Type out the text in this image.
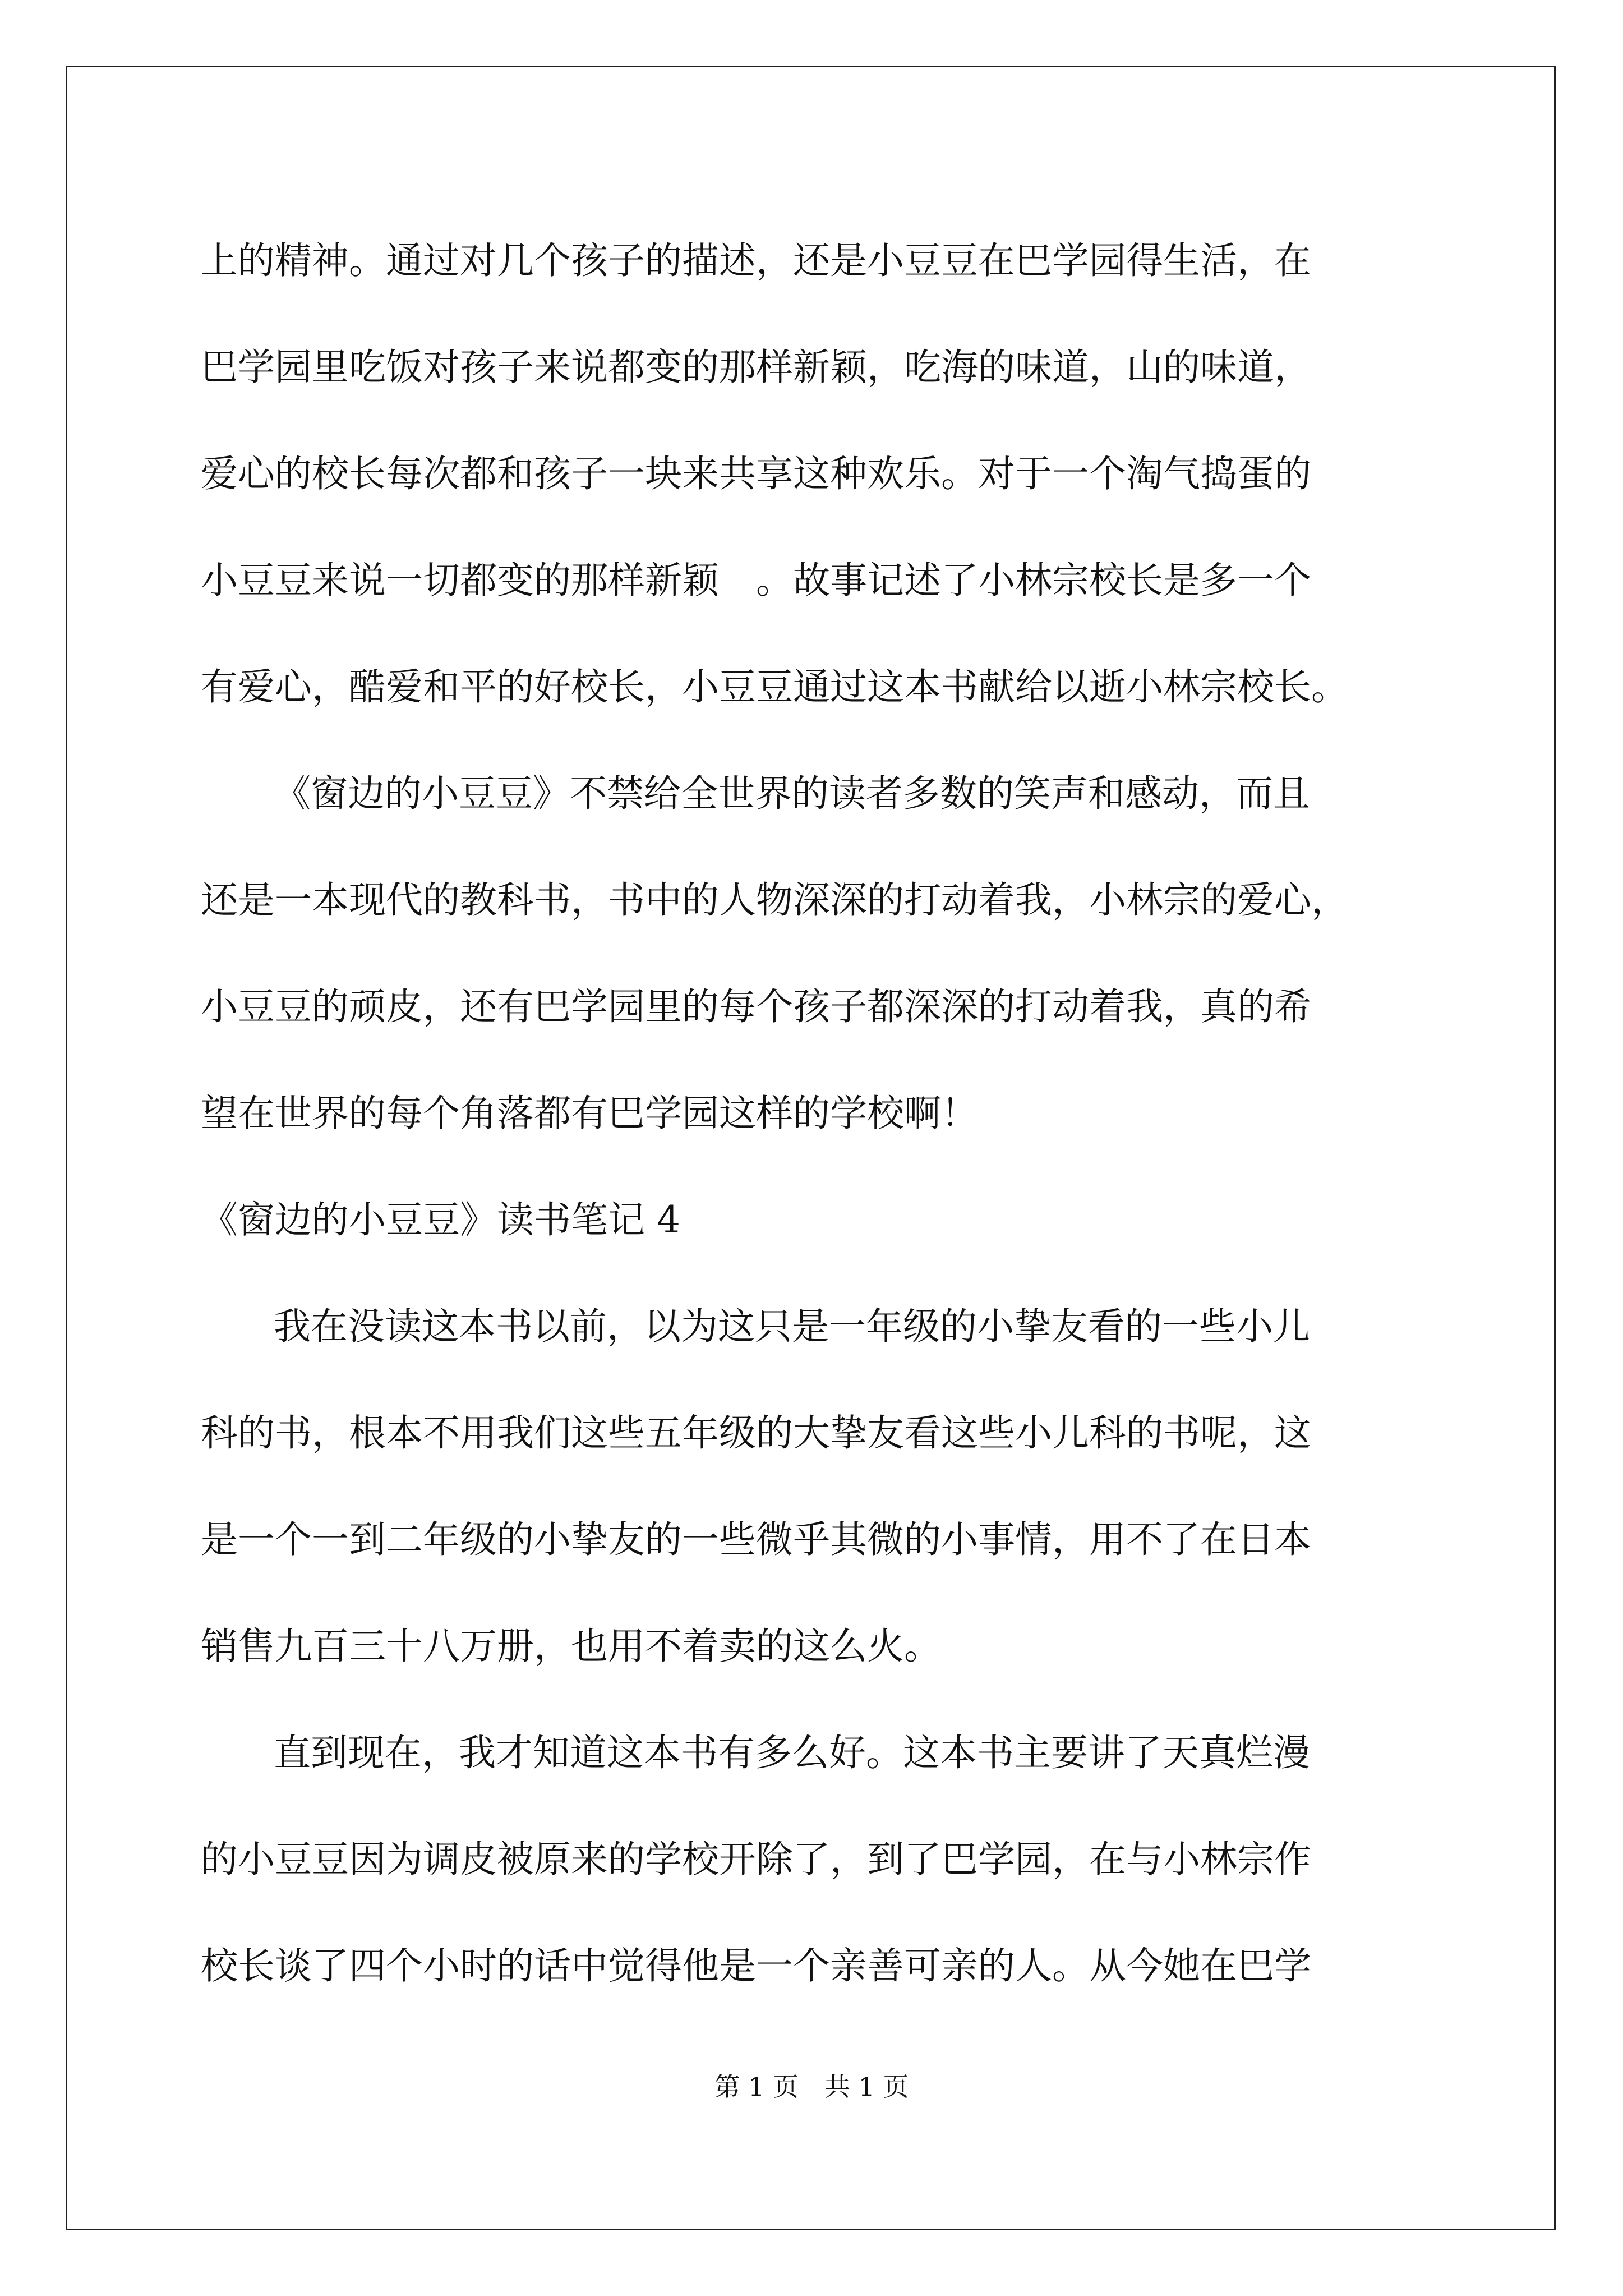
上的精神。通过对几个孩子的描述，还是小豆豆在巴学园得生活，在
巴学园里吃饭对孩子来说都变的那样新颖，吃海的味道，山的味道，
爱心的校长每次都和孩子一块来共享这种欢乐。对于一个淘气捣蛋的
小豆豆来说一切都变的那样新颖　。故事记述了小林宗校长是多一个
有爱心，酷爱和平的好校长，小豆豆通过这本书献给以逝小林宗校长。
《窗边的小豆豆》不禁给全世界的读者多数的笑声和感动，而且
还是一本现代的教科书，书中的人物深深的打动着我，小林宗的爱心，
小豆豆的顽皮，还有巴学园里的每个孩子都深深的打动着我，真的希
望在世界的每个角落都有巴学园这样的学校啊！
《窗边的小豆豆》读书笔记 4
我在没读这本书以前，以为这只是一年级的小挚友看的一些小儿
科的书，根本不用我们这些五年级的大挚友看这些小儿科的书呢，这
是一个一到二年级的小挚友的一些微乎其微的小事情，用不了在日本
销售九百三十八万册，也用不着卖的这么火。
直到现在，我才知道这本书有多么好。这本书主要讲了天真烂漫
的小豆豆因为调皮被原来的学校开除了，到了巴学园，在与小林宗作
校长谈了四个小时的话中觉得他是一个亲善可亲的人。从今她在巴学
第 1 页　共 1 页
